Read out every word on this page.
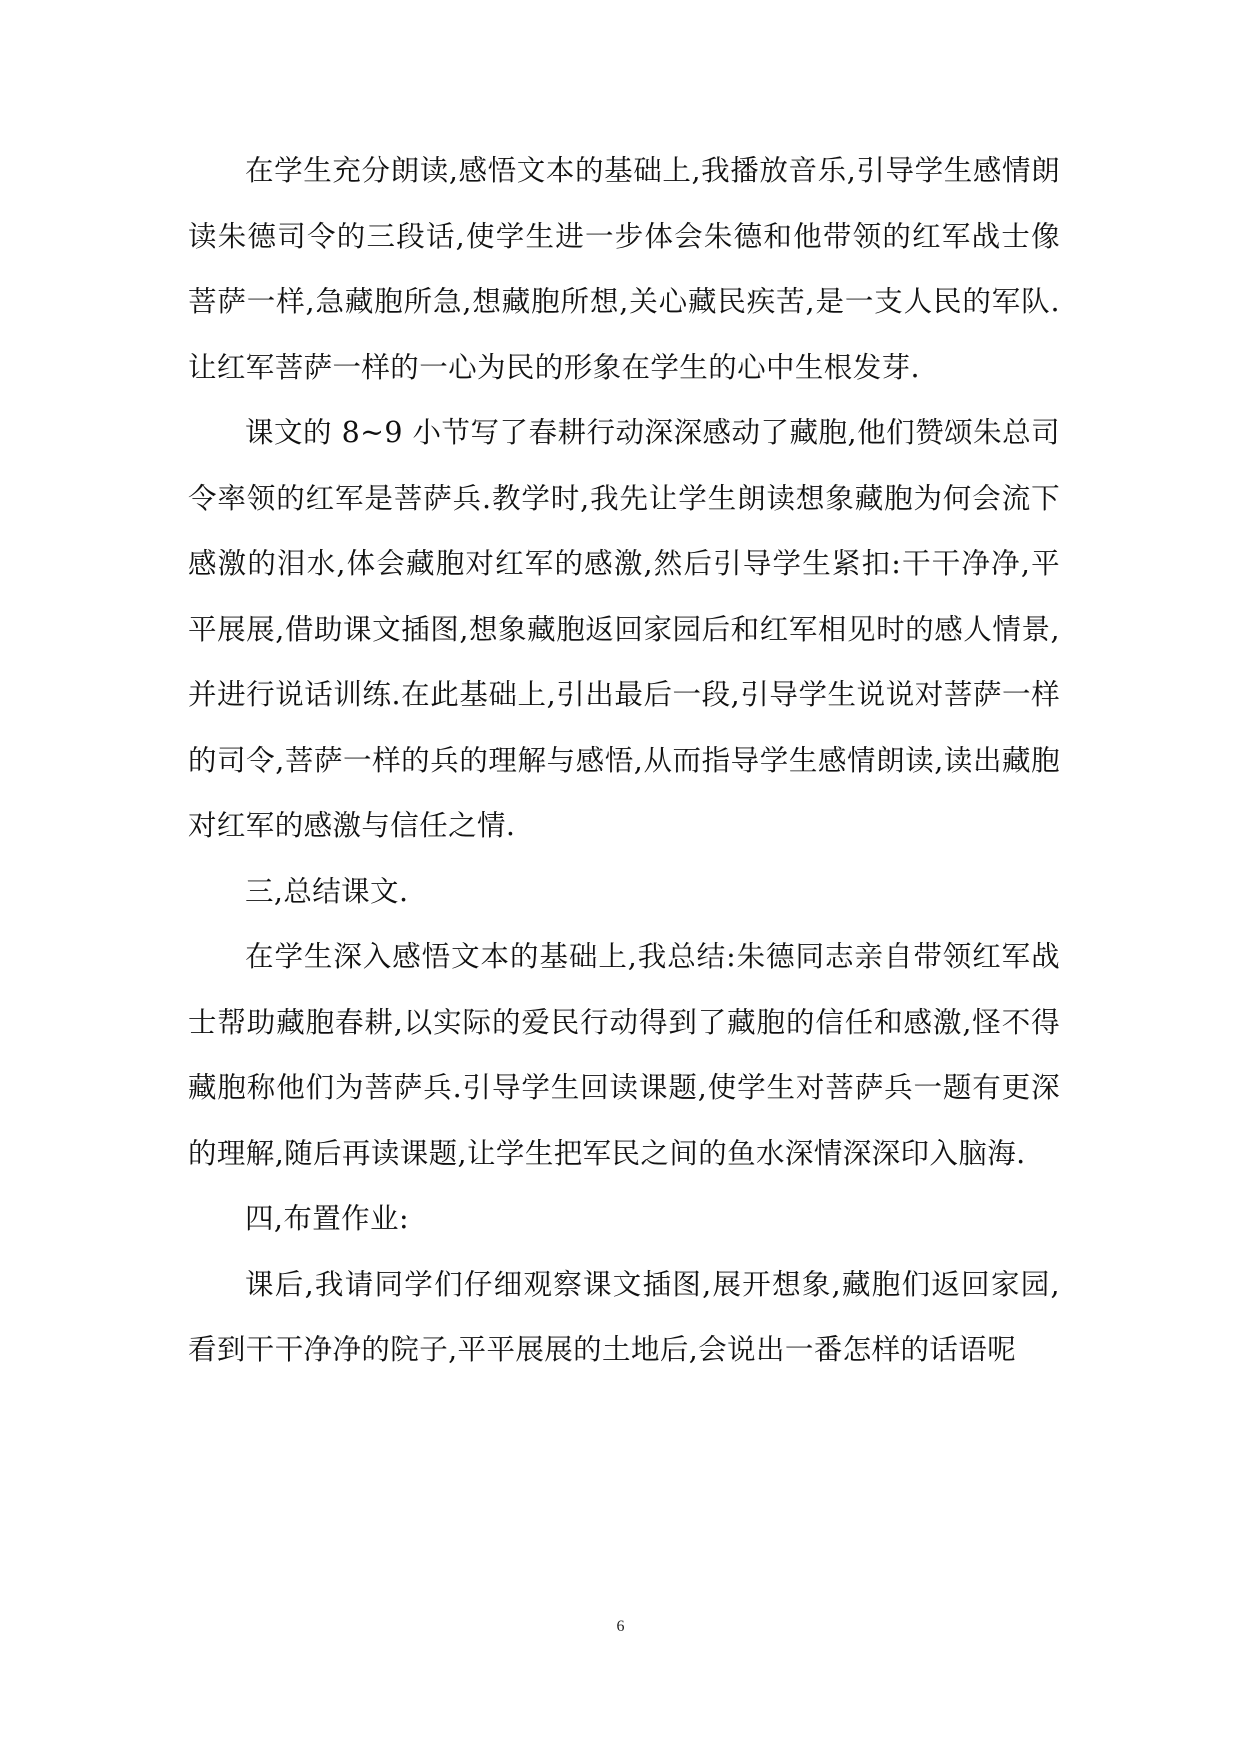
在学生充分朗读,感悟文本的基础上,我播放音乐,引导学生感情朗读朱德司令的三段话,使学生进一步体会朱德和他带领的红军战士像菩萨一样,急藏胞所急,想藏胞所想,关心藏民疾苦,是一支人民的军队.让红军菩萨一样的一心为民的形象在学生的心中生根发芽.

课文的 8~9 小节写了春耕行动深深感动了藏胞,他们赞颂朱总司令率领的红军是菩萨兵.教学时,我先让学生朗读想象藏胞为何会流下感激的泪水,体会藏胞对红军的感激,然后引导学生紧扣:干干净净,平平展展,借助课文插图,想象藏胞返回家园后和红军相见时的感人情景,并进行说话训练.在此基础上,引出最后一段,引导学生说说对菩萨一样的司令,菩萨一样的兵的理解与感悟,从而指导学生感情朗读,读出藏胞对红军的感激与信任之情.

三,总结课文.

在学生深入感悟文本的基础上,我总结:朱德同志亲自带领红军战士帮助藏胞春耕,以实际的爱民行动得到了藏胞的信任和感激,怪不得藏胞称他们为菩萨兵.引导学生回读课题,使学生对菩萨兵一题有更深的理解,随后再读课题,让学生把军民之间的鱼水深情深深印入脑海.

四,布置作业:

课后,我请同学们仔细观察课文插图,展开想象,藏胞们返回家园,看到干干净净的院子,平平展展的土地后,会说出一番怎样的话语呢

6
